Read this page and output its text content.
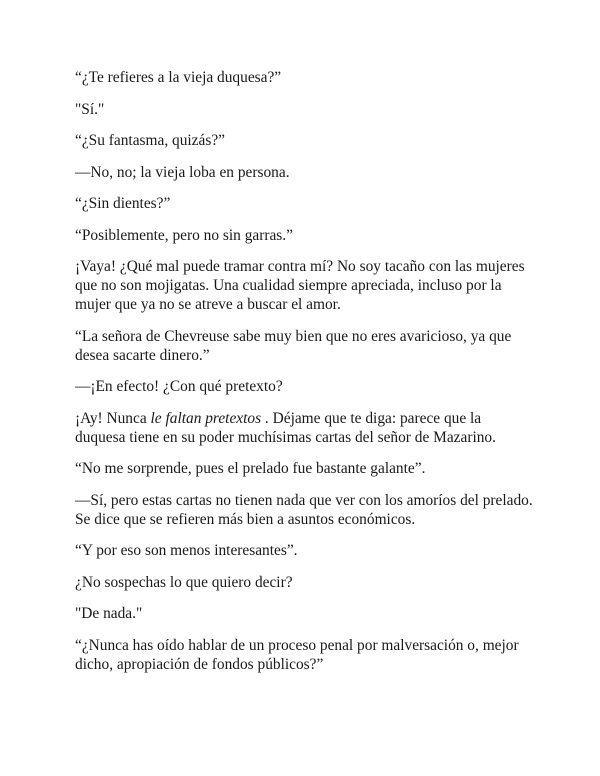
“¿Te refieres a la vieja duquesa?”

"Sí."

“¿Su fantasma, quizás?”

—No, no; la vieja loba en persona.

“¿Sin dientes?”

“Posiblemente, pero no sin garras.”

¡Vaya! ¿Qué mal puede tramar contra mí? No soy tacaño con las mujeres que no son mojigatas. Una cualidad siempre apreciada, incluso por la mujer que ya no se atreve a buscar el amor.

“La señora de Chevreuse sabe muy bien que no eres avaricioso, ya que desea sacarte dinero.”

—¡En efecto! ¿Con qué pretexto?

¡Ay! Nunca le faltan pretextos . Déjame que te diga: parece que la duquesa tiene en su poder muchísimas cartas del señor de Mazarino.

“No me sorprende, pues el prelado fue bastante galante”.

—Sí, pero estas cartas no tienen nada que ver con los amoríos del prelado. Se dice que se refieren más bien a asuntos económicos.

“Y por eso son menos interesantes”.

¿No sospechas lo que quiero decir?

"De nada."

“¿Nunca has oído hablar de un proceso penal por malversación o, mejor dicho, apropiación de fondos públicos?”
